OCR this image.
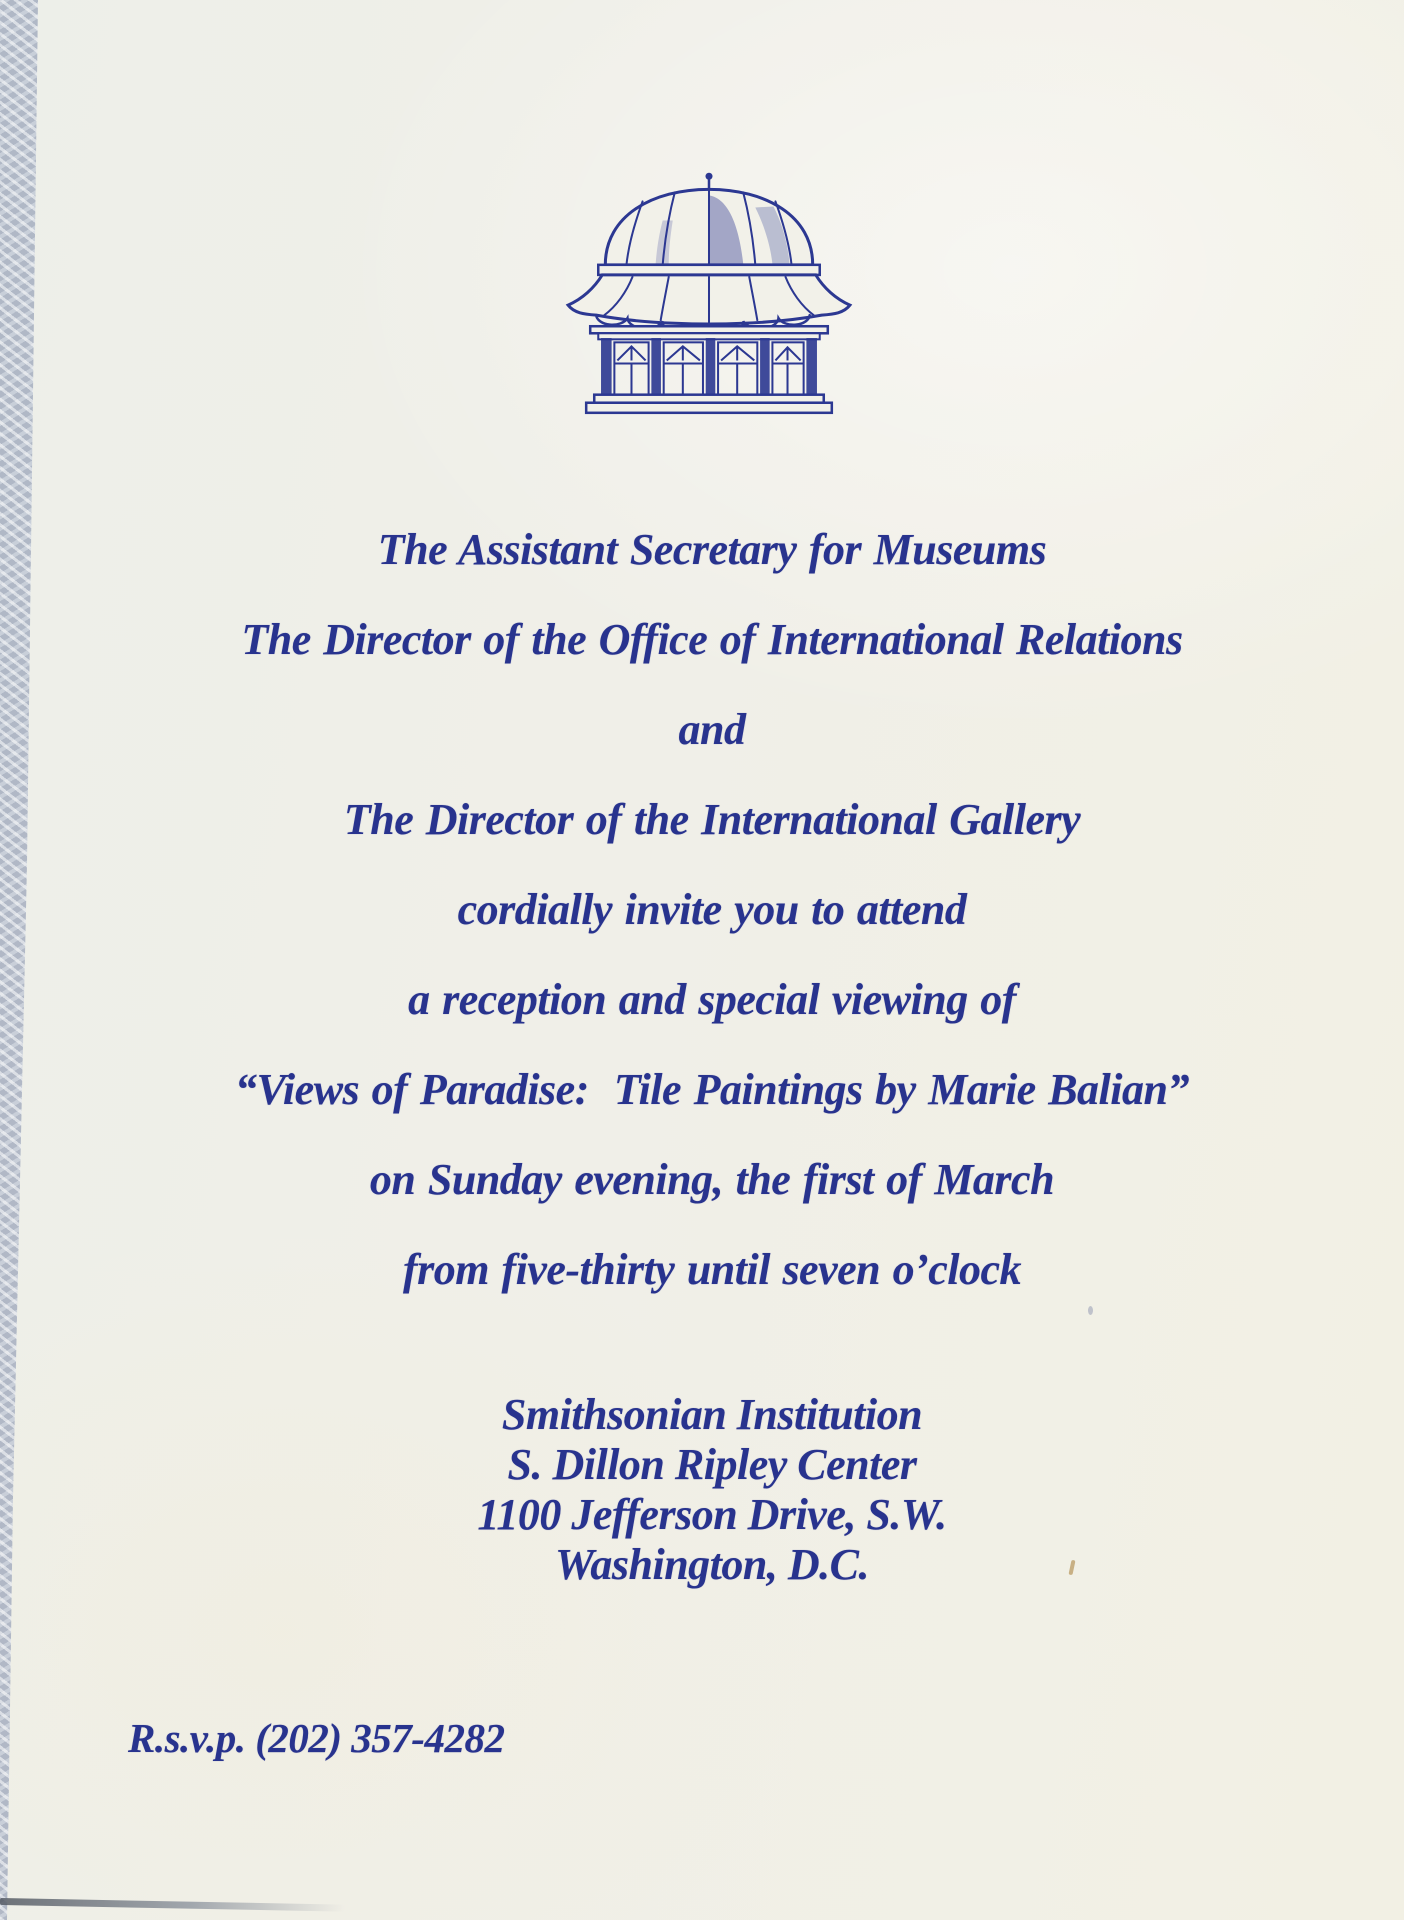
The Assistant Secretary for Museums
The Director of the Office of International Relations
and
The Director of the International Gallery
cordially invite you to attend
a reception and special viewing of
“Views of Paradise:  Tile Paintings by Marie Balian”
on Sunday evening, the first of March
from five-thirty until seven o’clock
Smithsonian Institution
S. Dillon Ripley Center
1100 Jefferson Drive, S.W.
Washington, D.C.
R.s.v.p. (202) 357-4282
